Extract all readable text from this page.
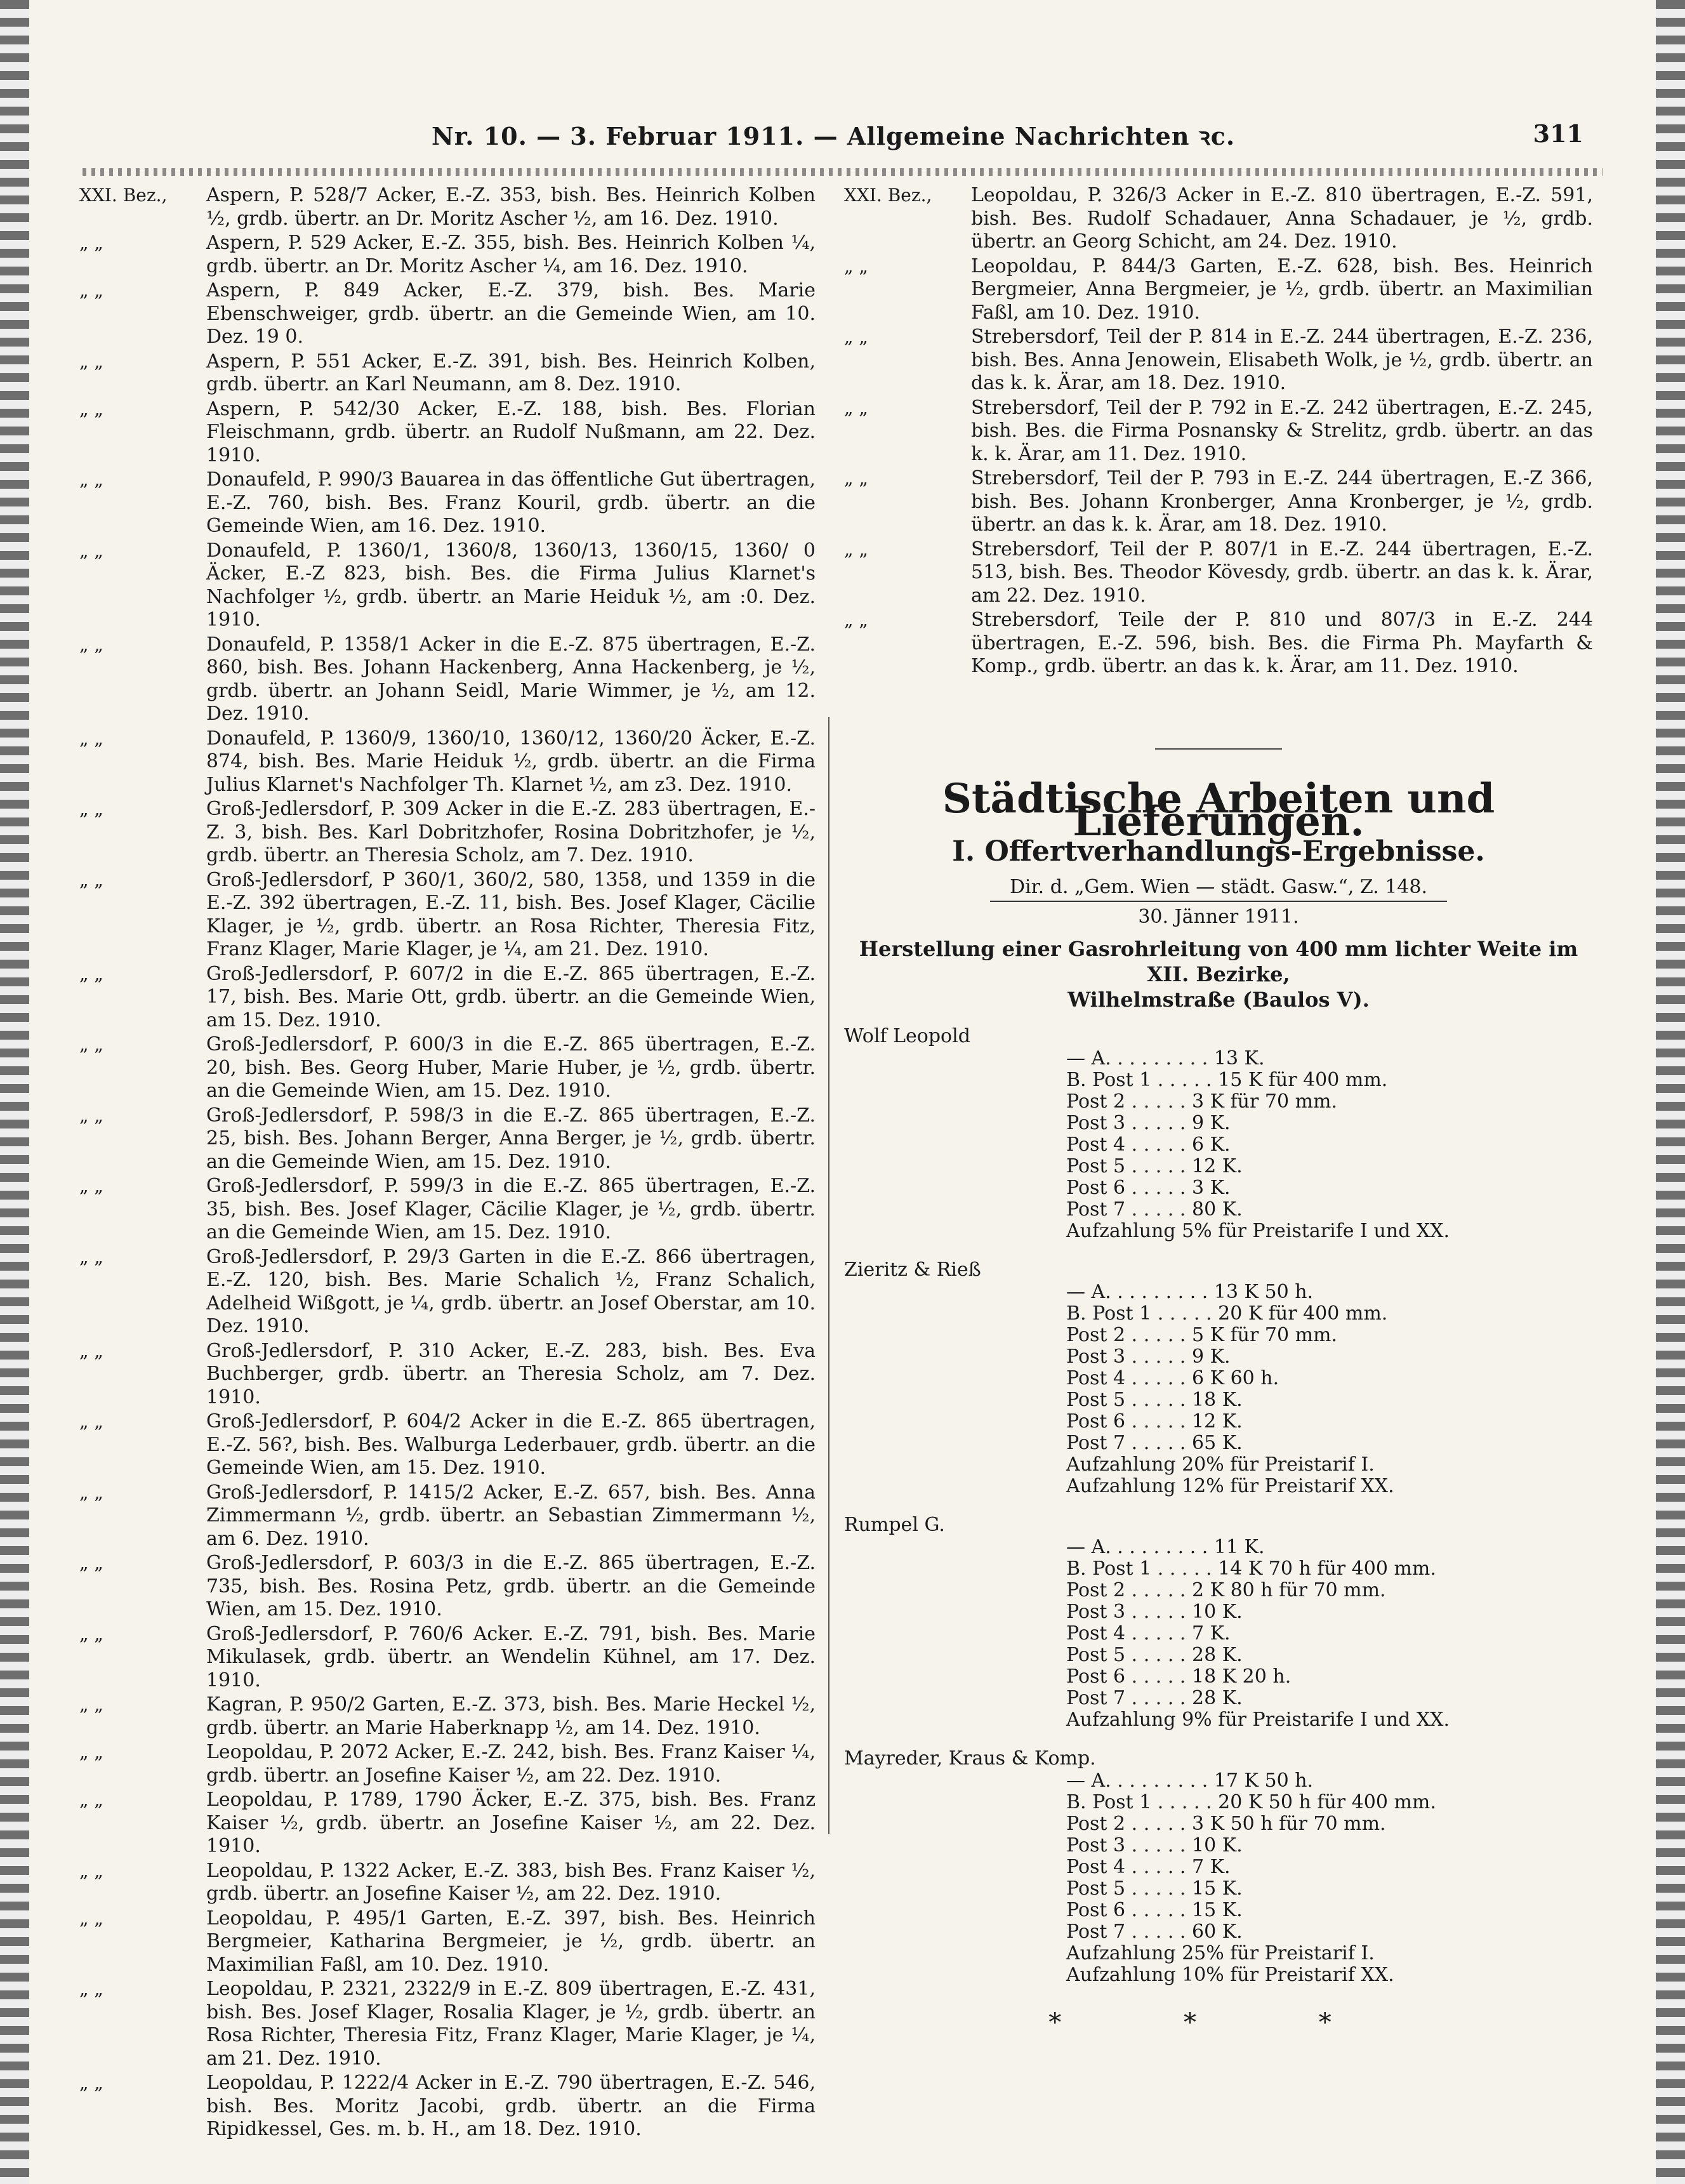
Nr. 10. — 3. Februar 1911. — Allgemeine Nachrichten ꝛc.	311
XXI. Bez.,	Aspern, P. 528/7 Acker, E.-Z. 353, bish. Bes. Heinrich Kolben ½, grdb. übertr. an Dr. Moritz Ascher ½, am 16. Dez. 1910.
„ „	Aspern, P. 529 Acker, E.-Z. 355, bish. Bes. Heinrich Kolben ¼, grdb. übertr. an Dr. Moritz Ascher ¼, am 16. Dez. 1910.
„ „	Aspern, P. 849 Acker, E.-Z. 379, bish. Bes. Marie Ebenschweiger, grdb. übertr. an die Gemeinde Wien, am 10. Dez. 19 0.
„ „	Aspern, P. 551 Acker, E.-Z. 391, bish. Bes. Heinrich Kolben, grdb. übertr. an Karl Neumann, am 8. Dez. 1910.
„ „	Aspern, P. 542/30 Acker, E.-Z. 188, bish. Bes. Florian Fleischmann, grdb. übertr. an Rudolf Nußmann, am 22. Dez. 1910.
„ „	Donaufeld, P. 990/3 Bauarea in das öffentliche Gut übertragen, E.-Z. 760, bish. Bes. Franz Kouril, grdb. übertr. an die Gemeinde Wien, am 16. Dez. 1910.
„ „	Donaufeld, P. 1360/1, 1360/8, 1360/13, 1360/15, 1360/ 0 Äcker, E.-Z 823, bish. Bes. die Firma Julius Klarnet's Nachfolger ½, grdb. übertr. an Marie Heiduk ½, am :0. Dez. 1910.
„ „	Donaufeld, P. 1358/1 Acker in die E.-Z. 875 übertragen, E.-Z. 860, bish. Bes. Johann Hackenberg, Anna Hackenberg, je ½, grdb. übertr. an Johann Seidl, Marie Wimmer, je ½, am 12. Dez. 1910.
„ „	Donaufeld, P. 1360/9, 1360/10, 1360/12, 1360/20 Äcker, E.-Z. 874, bish. Bes. Marie Heiduk ½, grdb. übertr. an die Firma Julius Klarnet's Nachfolger Th. Klarnet ½, am z3. Dez. 1910.
„ „	Groß-Jedlersdorf, P. 309 Acker in die E.-Z. 283 übertragen, E.-Z. 3, bish. Bes. Karl Dobritzhofer, Rosina Dobritzhofer, je ½, grdb. übertr. an Theresia Scholz, am 7. Dez. 1910.
„ „	Groß-Jedlersdorf, P 360/1, 360/2, 580, 1358, und 1359 in die E.-Z. 392 übertragen, E.-Z. 11, bish. Bes. Josef Klager, Cäcilie Klager, je ½, grdb. übertr. an Rosa Richter, Theresia Fitz, Franz Klager, Marie Klager, je ¼, am 21. Dez. 1910.
„ „	Groß-Jedlersdorf, P. 607/2 in die E.-Z. 865 übertragen, E.-Z. 17, bish. Bes. Marie Ott, grdb. übertr. an die Gemeinde Wien, am 15. Dez. 1910.
„ „	Groß-Jedlersdorf, P. 600/3 in die E.-Z. 865 übertragen, E.-Z. 20, bish. Bes. Georg Huber, Marie Huber, je ½, grdb. übertr. an die Gemeinde Wien, am 15. Dez. 1910.
„ „	Groß-Jedlersdorf, P. 598/3 in die E.-Z. 865 übertragen, E.-Z. 25, bish. Bes. Johann Berger, Anna Berger, je ½, grdb. übertr. an die Gemeinde Wien, am 15. Dez. 1910.
„ „	Groß-Jedlersdorf, P. 599/3 in die E.-Z. 865 übertragen, E.-Z. 35, bish. Bes. Josef Klager, Cäcilie Klager, je ½, grdb. übertr. an die Gemeinde Wien, am 15. Dez. 1910.
„ „	Groß-Jedlersdorf, P. 29/3 Garten in die E.-Z. 866 übertragen, E.-Z. 120, bish. Bes. Marie Schalich ½, Franz Schalich, Adelheid Wißgott, je ¼, grdb. übertr. an Josef Oberstar, am 10. Dez. 1910.
„ „	Groß-Jedlersdorf, P. 310 Acker, E.-Z. 283, bish. Bes. Eva Buchberger, grdb. übertr. an Theresia Scholz, am 7. Dez. 1910.
„ „	Groß-Jedlersdorf, P. 604/2 Acker in die E.-Z. 865 übertragen, E.-Z. 56?, bish. Bes. Walburga Lederbauer, grdb. übertr. an die Gemeinde Wien, am 15. Dez. 1910.
„ „	Groß-Jedlersdorf, P. 1415/2 Acker, E.-Z. 657, bish. Bes. Anna Zimmermann ½, grdb. übertr. an Sebastian Zimmermann ½, am 6. Dez. 1910.
„ „	Groß-Jedlersdorf, P. 603/3 in die E.-Z. 865 übertragen, E.-Z. 735, bish. Bes. Rosina Petz, grdb. übertr. an die Gemeinde Wien, am 15. Dez. 1910.
„ „	Groß-Jedlersdorf, P. 760/6 Acker. E.-Z. 791, bish. Bes. Marie Mikulasek, grdb. übertr. an Wendelin Kühnel, am 17. Dez. 1910.
„ „	Kagran, P. 950/2 Garten, E.-Z. 373, bish. Bes. Marie Heckel ½, grdb. übertr. an Marie Haberknapp ½, am 14. Dez. 1910.
„ „	Leopoldau, P. 2072 Acker, E.-Z. 242, bish. Bes. Franz Kaiser ¼, grdb. übertr. an Josefine Kaiser ½, am 22. Dez. 1910.
„ „	Leopoldau, P. 1789, 1790 Äcker, E.-Z. 375, bish. Bes. Franz Kaiser ½, grdb. übertr. an Josefine Kaiser ½, am 22. Dez. 1910.
„ „	Leopoldau, P. 1322 Acker, E.-Z. 383, bish Bes. Franz Kaiser ½, grdb. übertr. an Josefine Kaiser ½, am 22. Dez. 1910.
„ „	Leopoldau, P. 495/1 Garten, E.-Z. 397, bish. Bes. Heinrich Bergmeier, Katharina Bergmeier, je ½, grdb. übertr. an Maximilian Faßl, am 10. Dez. 1910.
„ „	Leopoldau, P. 2321, 2322/9 in E.-Z. 809 übertragen, E.-Z. 431, bish. Bes. Josef Klager, Rosalia Klager, je ½, grdb. übertr. an Rosa Richter, Theresia Fitz, Franz Klager, Marie Klager, je ¼, am 21. Dez. 1910.
„ „	Leopoldau, P. 1222/4 Acker in E.-Z. 790 übertragen, E.-Z. 546, bish. Bes. Moritz Jacobi, grdb. übertr. an die Firma Ripidkessel, Ges. m. b. H., am 18. Dez. 1910.
XXI. Bez.,	Leopoldau, P. 326/3 Acker in E.-Z. 810 übertragen, E.-Z. 591, bish. Bes. Rudolf Schadauer, Anna Schadauer, je ½, grdb. übertr. an Georg Schicht, am 24. Dez. 1910.
„ „	Leopoldau, P. 844/3 Garten, E.-Z. 628, bish. Bes. Heinrich Bergmeier, Anna Bergmeier, je ½, grdb. übertr. an Maximilian Faßl, am 10. Dez. 1910.
„ „	Strebersdorf, Teil der P. 814 in E.-Z. 244 übertragen, E.-Z. 236, bish. Bes. Anna Jenowein, Elisabeth Wolk, je ½, grdb. übertr. an das k. k. Ärar, am 18. Dez. 1910.
„ „	Strebersdorf, Teil der P. 792 in E.-Z. 242 übertragen, E.-Z. 245, bish. Bes. die Firma Posnansky & Strelitz, grdb. übertr. an das k. k. Ärar, am 11. Dez. 1910.
„ „	Strebersdorf, Teil der P. 793 in E.-Z. 244 übertragen, E.-Z 366, bish. Bes. Johann Kronberger, Anna Kronberger, je ½, grdb. übertr. an das k. k. Ärar, am 18. Dez. 1910.
„ „	Strebersdorf, Teil der P. 807/1 in E.-Z. 244 übertragen, E.-Z. 513, bish. Bes. Theodor Kövesdy, grdb. übertr. an das k. k. Ärar, am 22. Dez. 1910.
„ „	Strebersdorf, Teile der P. 810 und 807/3 in E.-Z. 244 übertragen, E.-Z. 596, bish. Bes. die Firma Ph. Mayfarth & Komp., grdb. übertr. an das k. k. Ärar, am 11. Dez. 1910.
Städtische Arbeiten und Lieferungen.
I. Offertverhandlungs-Ergebnisse.
Dir. d. „Gem. Wien — städt. Gasw.“, Z. 148.
30. Jänner 1911.
Herstellung einer Gasrohrleitung von 400 mm lichter Weite im XII. Bezirke,
Wilhelmstraße (Baulos V).
Wolf Leopold
— A. . . . . . . . . 13 K.
B. Post 1 . . . . . 15 K für 400 mm.
Post 2 . . . . . 3 K für 70 mm.
Post 3 . . . . . 9 K.
Post 4 . . . . . 6 K.
Post 5 . . . . . 12 K.
Post 6 . . . . . 3 K.
Post 7 . . . . . 80 K.
Aufzahlung 5% für Preistarife I und XX.
Zieritz & Rieß
— A. . . . . . . . . 13 K 50 h.
B. Post 1 . . . . . 20 K für 400 mm.
Post 2 . . . . . 5 K für 70 mm.
Post 3 . . . . . 9 K.
Post 4 . . . . . 6 K 60 h.
Post 5 . . . . . 18 K.
Post 6 . . . . . 12 K.
Post 7 . . . . . 65 K.
Aufzahlung 20% für Preistarif I.
Aufzahlung 12% für Preistarif XX.
Rumpel G.
— A. . . . . . . . . 11 K.
B. Post 1 . . . . . 14 K 70 h für 400 mm.
Post 2 . . . . . 2 K 80 h für 70 mm.
Post 3 . . . . . 10 K.
Post 4 . . . . . 7 K.
Post 5 . . . . . 28 K.
Post 6 . . . . . 18 K 20 h.
Post 7 . . . . . 28 K.
Aufzahlung 9% für Preistarife I und XX.
Mayreder, Kraus & Komp.
— A. . . . . . . . . 17 K 50 h.
B. Post 1 . . . . . 20 K 50 h für 400 mm.
Post 2 . . . . . 3 K 50 h für 70 mm.
Post 3 . . . . . 10 K.
Post 4 . . . . . 7 K.
Post 5 . . . . . 15 K.
Post 6 . . . . . 15 K.
Post 7 . . . . . 60 K.
Aufzahlung 25% für Preistarif I.
Aufzahlung 10% für Preistarif XX.
* * *
